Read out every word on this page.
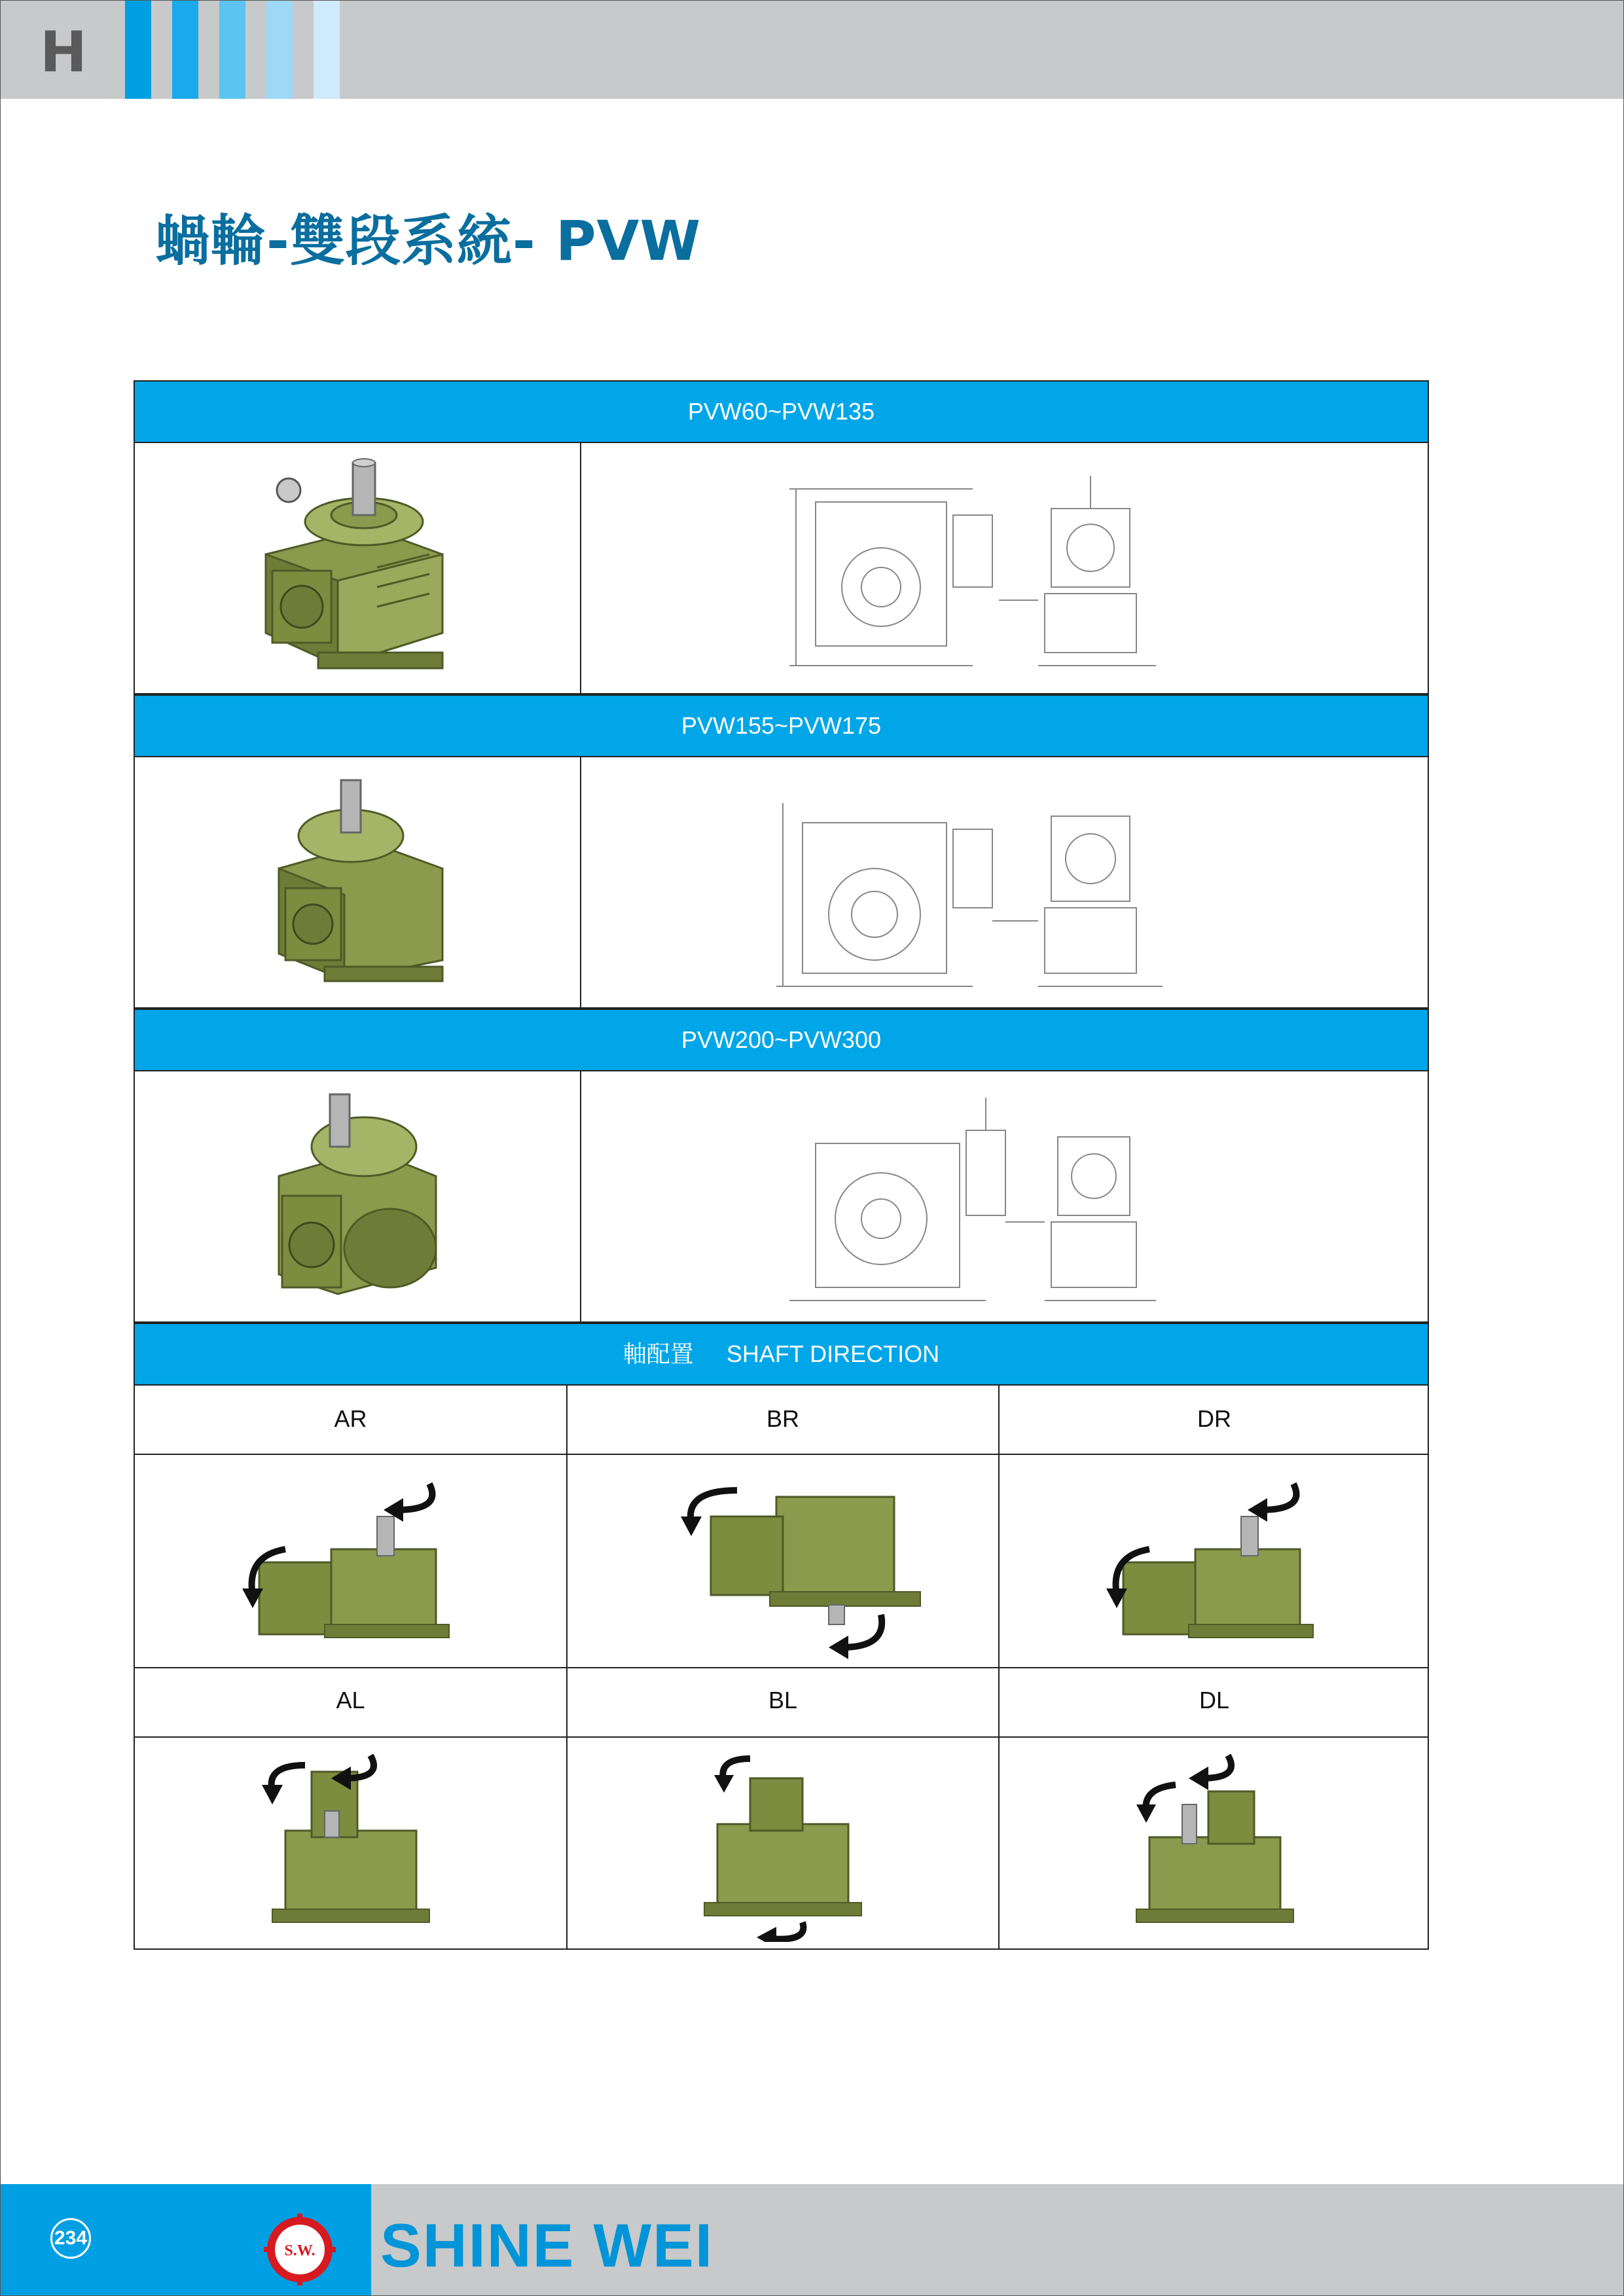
H
蝸輪-雙段系統- PVW
PVW60~PVW135
PVW155~PVW175
PVW200~PVW300
軸配置 SHAFT DIRECTION
AR	BR	DR
AL	BL	DL
234
S.W. SHINE WEI
